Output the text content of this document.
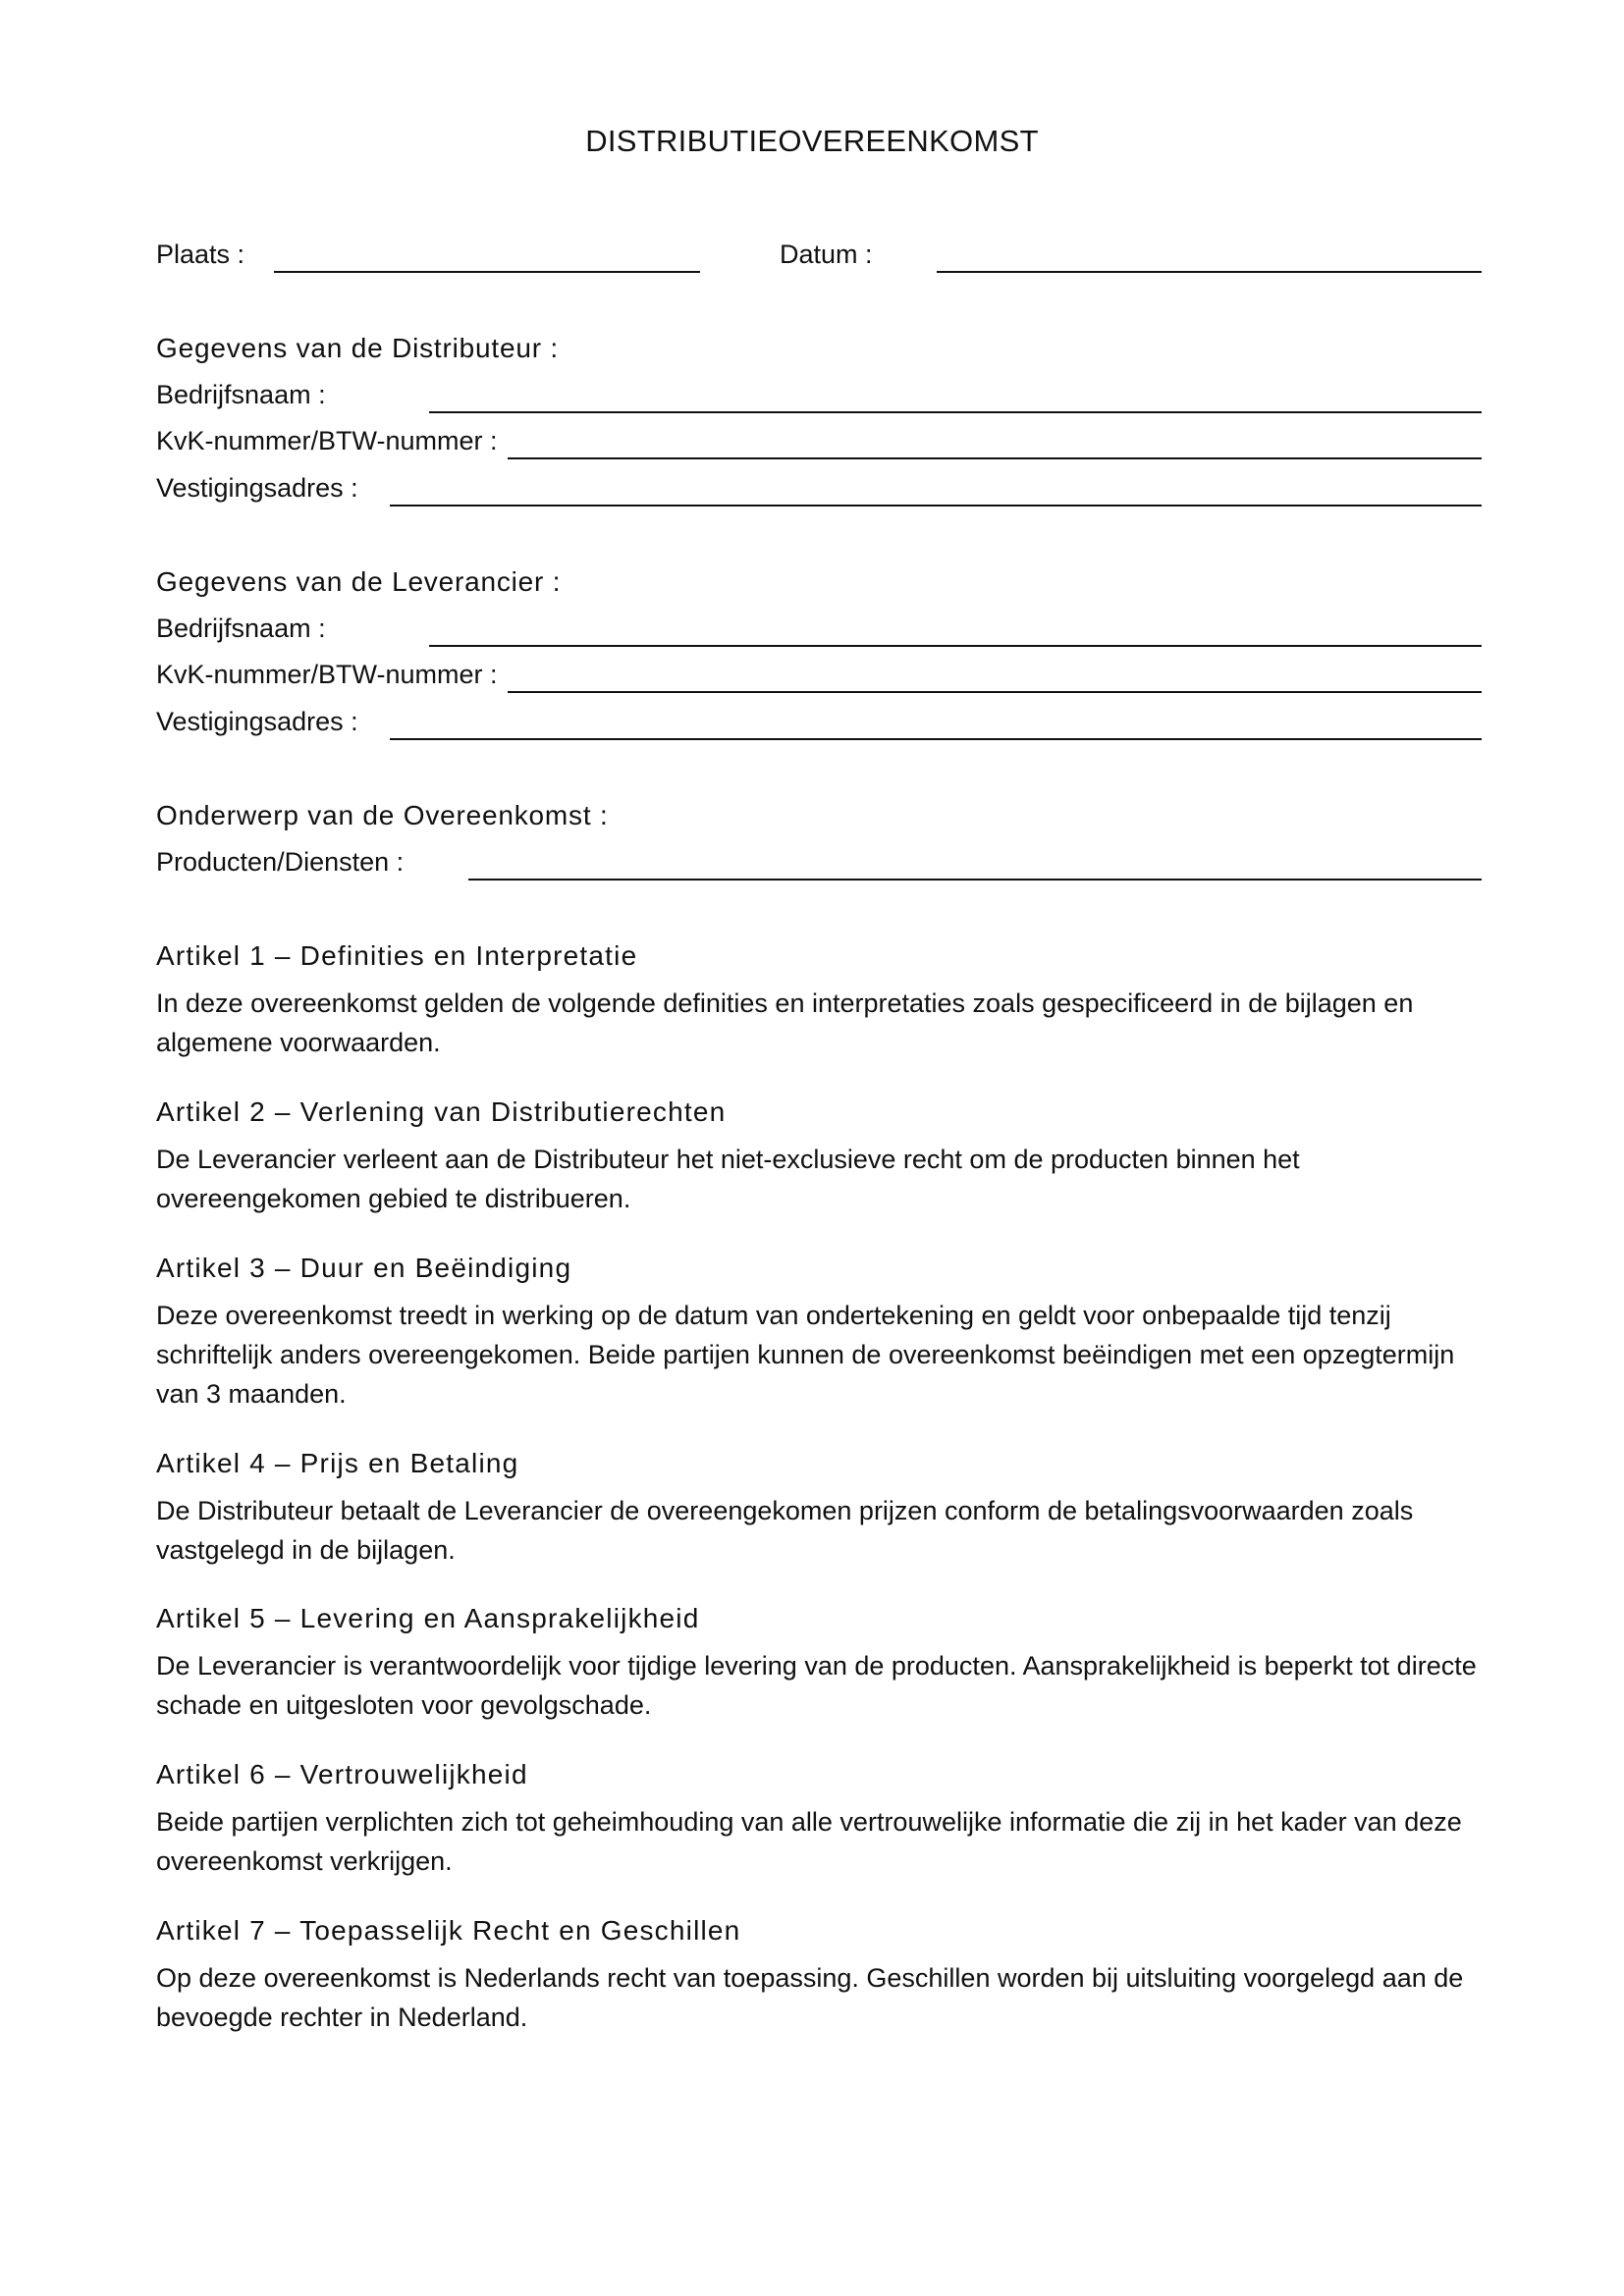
DISTRIBUTIEOVEREENKOMST
Plaats :	Datum :
Gegevens van de Distributeur :
Bedrijfsnaam :
KvK-nummer/BTW-nummer :
Vestigingsadres :
Gegevens van de Leverancier :
Bedrijfsnaam :
KvK-nummer/BTW-nummer :
Vestigingsadres :
Onderwerp van de Overeenkomst :
Producten/Diensten :
Artikel 1 – Definities en Interpretatie
In deze overeenkomst gelden de volgende definities en interpretaties zoals gespecificeerd in de bijlagen en algemene voorwaarden.
Artikel 2 – Verlening van Distributierechten
De Leverancier verleent aan de Distributeur het niet-exclusieve recht om de producten binnen het overeengekomen gebied te distribueren.
Artikel 3 – Duur en Beëindiging
Deze overeenkomst treedt in werking op de datum van ondertekening en geldt voor onbepaalde tijd tenzij schriftelijk anders overeengekomen. Beide partijen kunnen de overeenkomst beëindigen met een opzegtermijn van 3 maanden.
Artikel 4 – Prijs en Betaling
De Distributeur betaalt de Leverancier de overeengekomen prijzen conform de betalingsvoorwaarden zoals vastgelegd in de bijlagen.
Artikel 5 – Levering en Aansprakelijkheid
De Leverancier is verantwoordelijk voor tijdige levering van de producten. Aansprakelijkheid is beperkt tot directe schade en uitgesloten voor gevolgschade.
Artikel 6 – Vertrouwelijkheid
Beide partijen verplichten zich tot geheimhouding van alle vertrouwelijke informatie die zij in het kader van deze overeenkomst verkrijgen.
Artikel 7 – Toepasselijk Recht en Geschillen
Op deze overeenkomst is Nederlands recht van toepassing. Geschillen worden bij uitsluiting voorgelegd aan de bevoegde rechter in Nederland.
